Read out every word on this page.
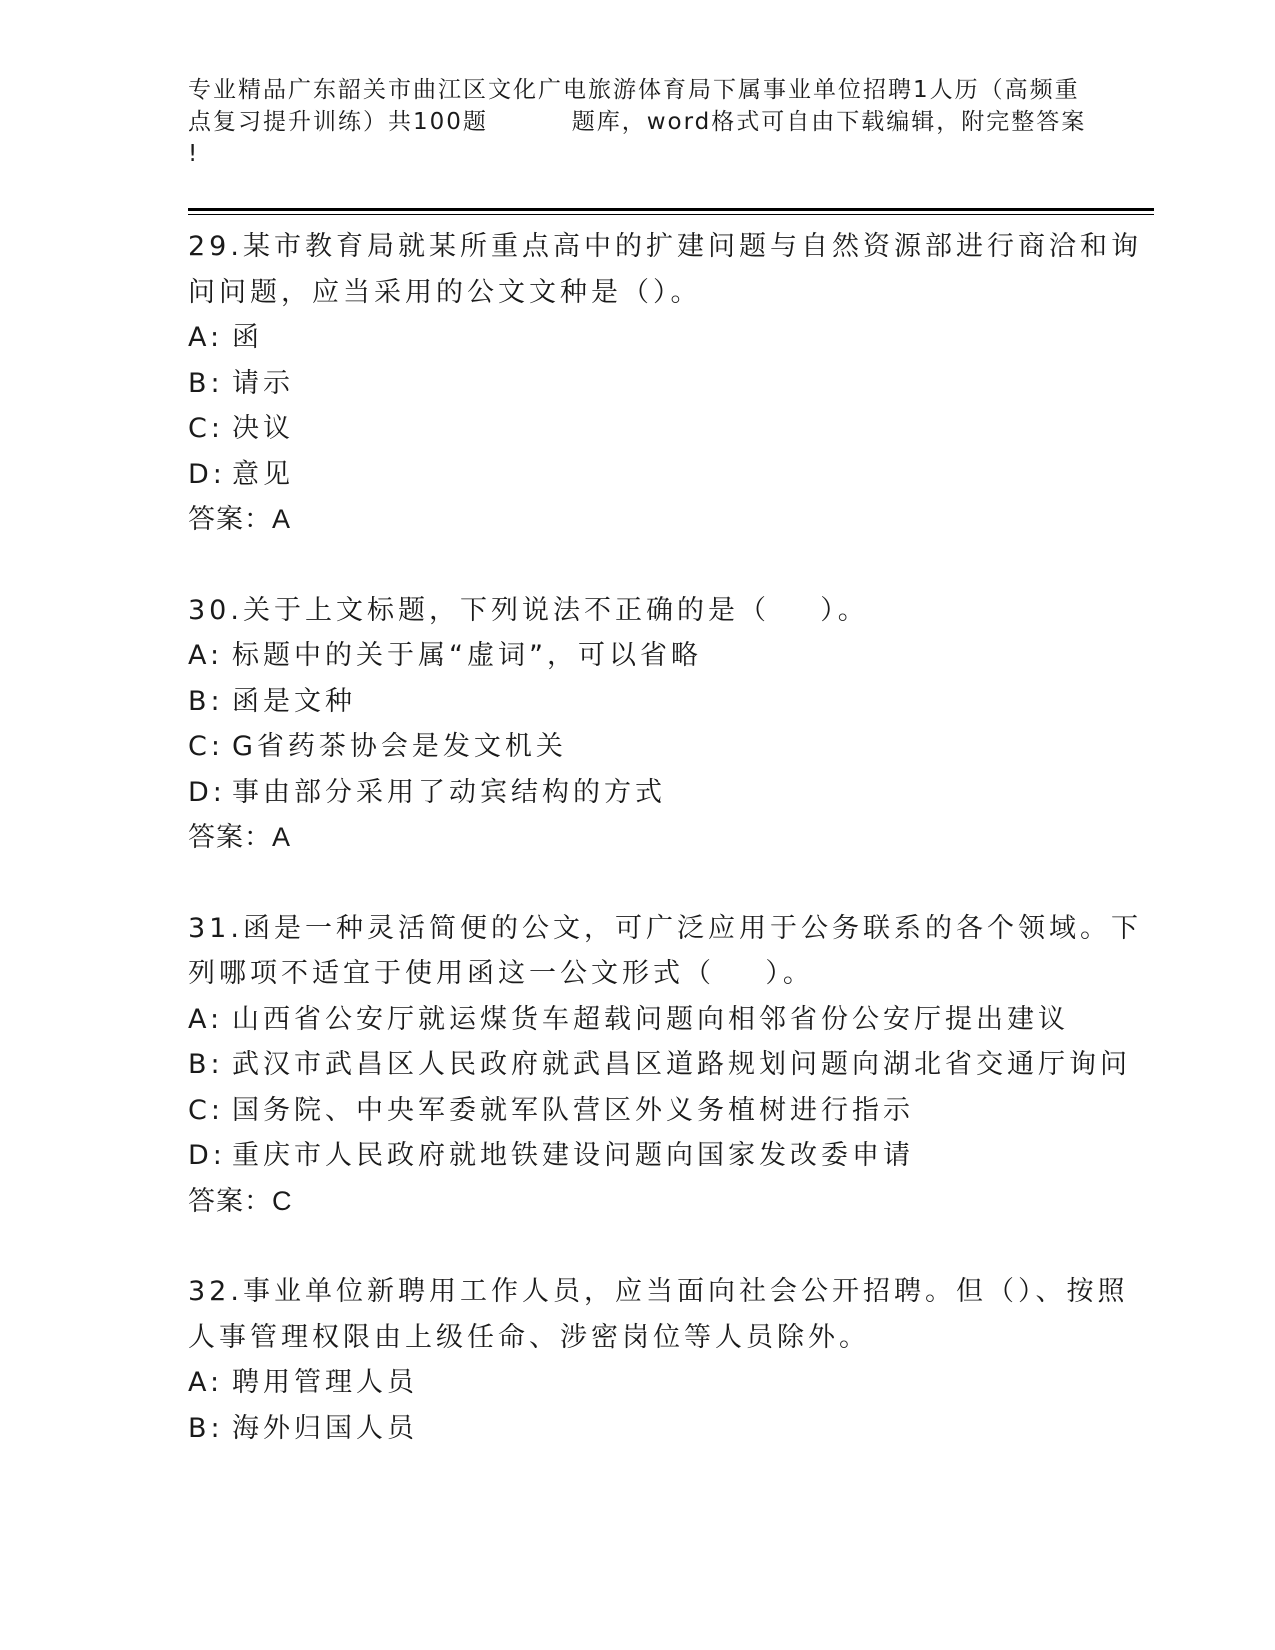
专业精品广东韶关市曲江区文化广电旅游体育局下属事业单位招聘1人历（高频重
点复习提升训练）共100题         题库，word格式可自由下载编辑，附完整答案
!
29.某市教育局就某所重点高中的扩建问题与自然资源部进行商洽和询
问问题，应当采用的公文文种是（）。
A: 函
B: 请示
C: 决议
D: 意见
答案：A
30.关于上文标题，下列说法不正确的是（    ）。
A: 标题中的关于属“虚词”，可以省略
B: 函是文种
C: G省药茶协会是发文机关
D: 事由部分采用了动宾结构的方式
答案：A
31.函是一种灵活简便的公文，可广泛应用于公务联系的各个领域。下
列哪项不适宜于使用函这一公文形式（    ）。
A: 山西省公安厅就运煤货车超载问题向相邻省份公安厅提出建议
B: 武汉市武昌区人民政府就武昌区道路规划问题向湖北省交通厅询问
C: 国务院、中央军委就军队营区外义务植树进行指示
D: 重庆市人民政府就地铁建设问题向国家发改委申请
答案：C
32.事业单位新聘用工作人员，应当面向社会公开招聘。但（）、按照
人事管理权限由上级任命、涉密岗位等人员除外。
A: 聘用管理人员
B: 海外归国人员
